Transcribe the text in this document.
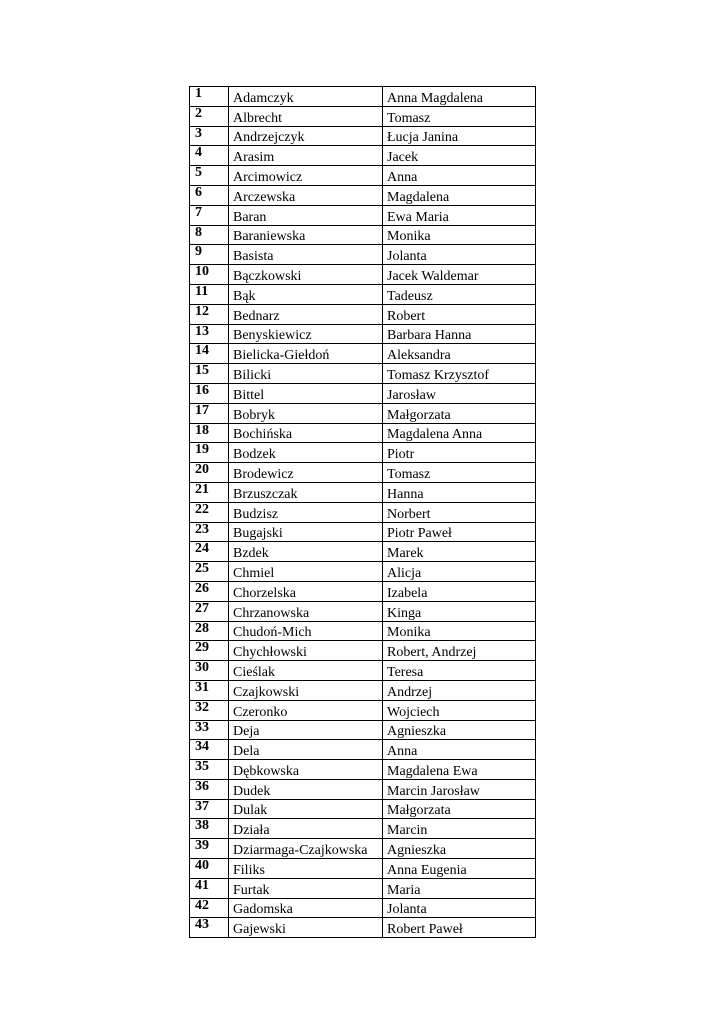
1	Adamczyk	Anna Magdalena
2	Albrecht	Tomasz
3	Andrzejczyk	Łucja Janina
4	Arasim	Jacek
5	Arcimowicz	Anna
6	Arczewska	Magdalena
7	Baran	Ewa Maria
8	Baraniewska	Monika
9	Basista	Jolanta
10	Bączkowski	Jacek Waldemar
11	Bąk	Tadeusz
12	Bednarz	Robert
13	Benyskiewicz	Barbara Hanna
14	Bielicka-Giełdoń	Aleksandra
15	Bilicki	Tomasz Krzysztof
16	Bittel	Jarosław
17	Bobryk	Małgorzata
18	Bochińska	Magdalena Anna
19	Bodzek	Piotr
20	Brodewicz	Tomasz
21	Brzuszczak	Hanna
22	Budzisz	Norbert
23	Bugajski	Piotr Paweł
24	Bzdek	Marek
25	Chmiel	Alicja
26	Chorzelska	Izabela
27	Chrzanowska	Kinga
28	Chudoń-Mich	Monika
29	Chychłowski	Robert, Andrzej
30	Cieślak	Teresa
31	Czajkowski	Andrzej
32	Czeronko	Wojciech
33	Deja	Agnieszka
34	Dela	Anna
35	Dębkowska	Magdalena Ewa
36	Dudek	Marcin Jarosław
37	Dulak	Małgorzata
38	Działa	Marcin
39	Dziarmaga-Czajkowska	Agnieszka
40	Filiks	Anna Eugenia
41	Furtak	Maria
42	Gadomska	Jolanta
43	Gajewski	Robert Paweł
